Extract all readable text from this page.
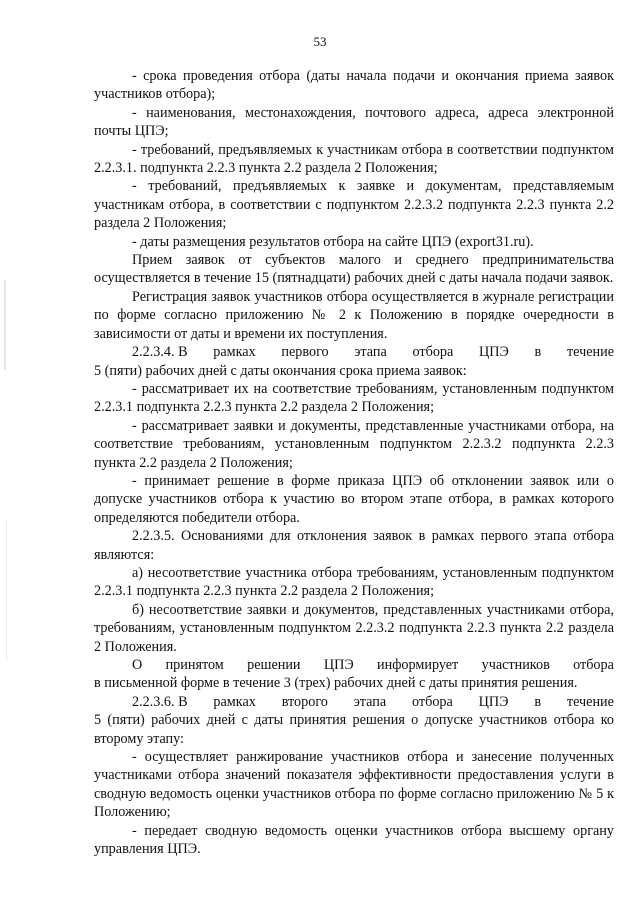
53

- срока проведения отбора (даты начала подачи и окончания приема заявок участников отбора);

- наименования, местонахождения, почтового адреса, адреса электронной почты ЦПЭ;

- требований, предъявляемых к участникам отбора в соответствии подпунктом 2.2.3.1. подпункта 2.2.3 пункта 2.2 раздела 2 Положения;

- требований, предъявляемых к заявке и документам, представляемым участникам отбора, в соответствии с подпунктом 2.2.3.2 подпункта 2.2.3 пункта 2.2 раздела 2 Положения;

- даты размещения результатов отбора на сайте ЦПЭ (export31.ru).

Прием заявок от субъектов малого и среднего предпринимательства осуществляется в течение 15 (пятнадцати) рабочих дней с даты начала подачи заявок.

Регистрация заявок участников отбора осуществляется в журнале регистрации по форме согласно приложению № 2 к Положению в порядке очередности в зависимости от даты и времени их поступления.

2.2.3.4. В рамках первого этапа отбора ЦПЭ в течение

5 (пяти) рабочих дней с даты окончания срока приема заявок:

- рассматривает их на соответствие требованиям, установленным подпунктом 2.2.3.1 подпункта 2.2.3 пункта 2.2 раздела 2 Положения;

- рассматривает заявки и документы, представленные участниками отбора, на соответствие требованиям, установленным подпунктом 2.2.3.2 подпункта 2.2.3 пункта 2.2 раздела 2 Положения;

- принимает решение в форме приказа ЦПЭ об отклонении заявок или о допуске участников отбора к участию во втором этапе отбора, в рамках которого определяются победители отбора.

2.2.3.5. Основаниями для отклонения заявок в рамках первого этапа отбора являются:

а) несоответствие участника отбора требованиям, установленным подпунктом 2.2.3.1 подпункта 2.2.3 пункта 2.2 раздела 2 Положения;

б) несоответствие заявки и документов, представленных участниками отбора, требованиям, установленным подпунктом 2.2.3.2 подпункта 2.2.3 пункта 2.2 раздела 2 Положения.

О принятом решении ЦПЭ информирует участников отбора

в письменной форме в течение 3 (трех) рабочих дней с даты принятия решения.

2.2.3.6. В рамках второго этапа отбора ЦПЭ в течение

5 (пяти) рабочих дней с даты принятия решения о допуске участников отбора ко второму этапу:

- осуществляет ранжирование участников отбора и занесение полученных участниками отбора значений показателя эффективности предоставления услуги в сводную ведомость оценки участников отбора по форме согласно приложению № 5 к Положению;

- передает сводную ведомость оценки участников отбора высшему органу управления ЦПЭ.
